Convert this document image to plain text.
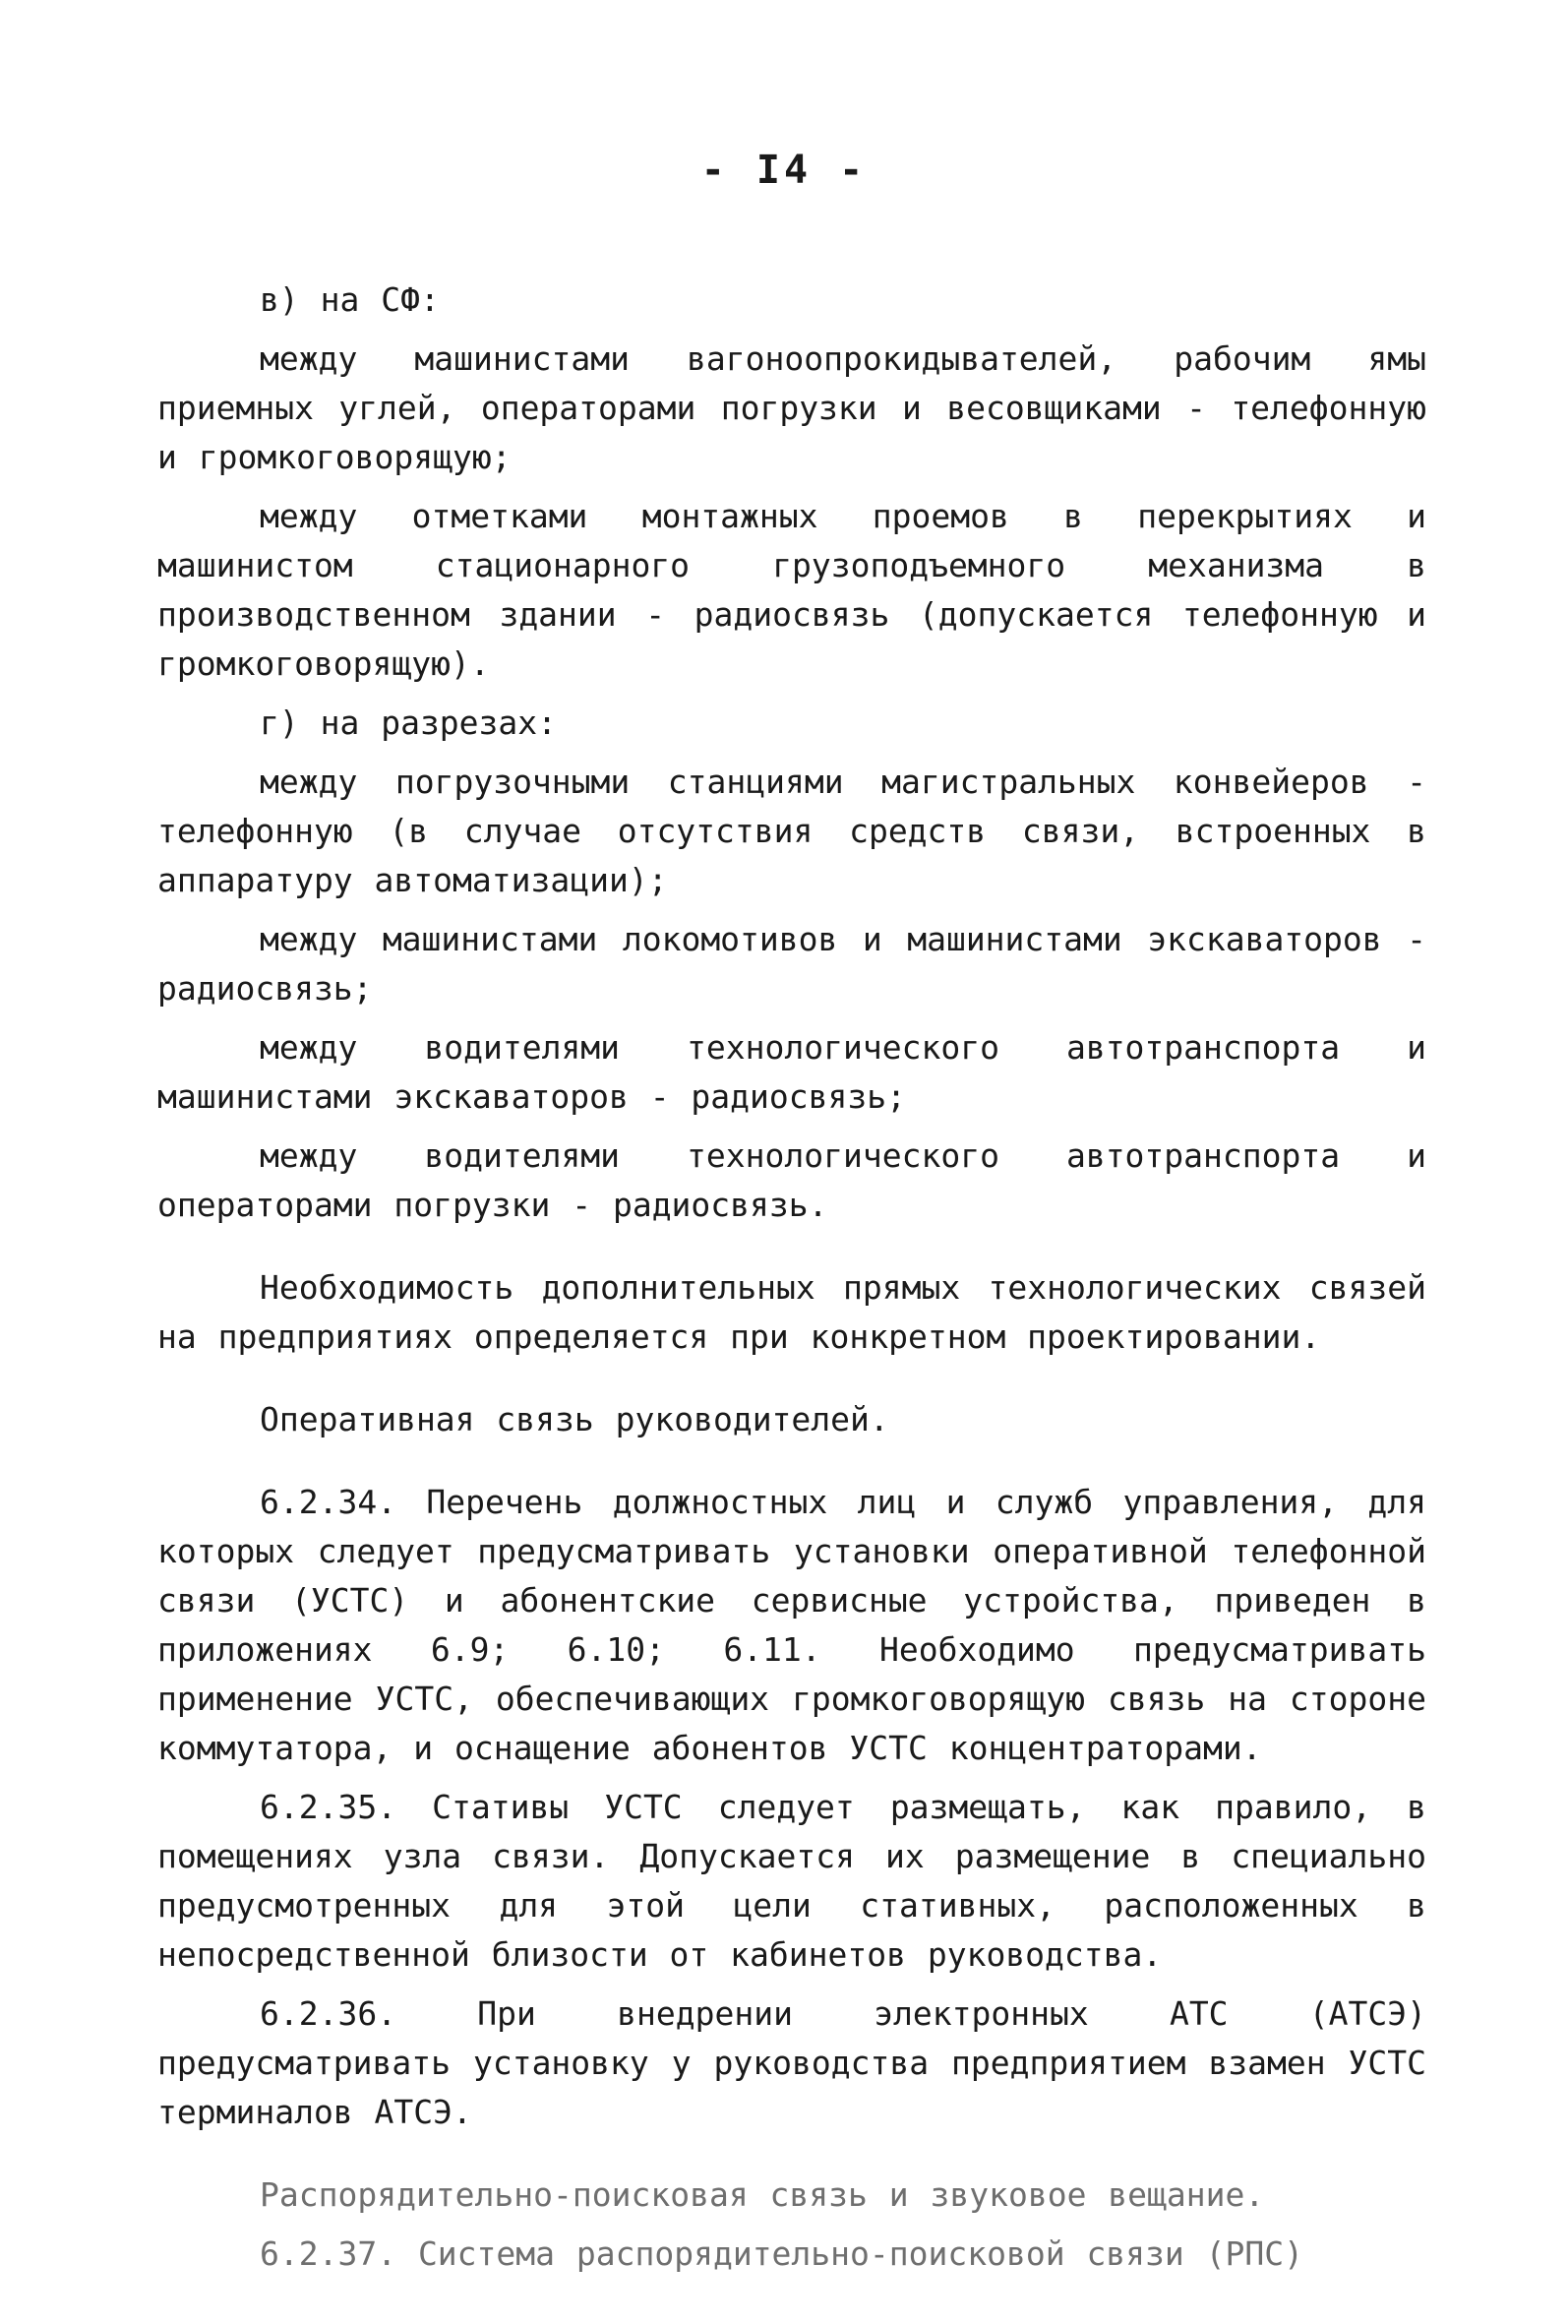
- I4 -

в) на СФ:

между машинистами вагоноопрокидывателей, рабочим ямы приемных углей, операторами погрузки и весовщиками - телефонную и громкоговорящую;

между отметками монтажных проемов в перекрытиях и машинистом стационарного грузоподъемного механизма в производственном здании - радиосвязь (допускается телефонную и громкоговорящую).

г) на разрезах:

между погрузочными станциями магистральных конвейеров - телефонную (в случае отсутствия средств связи, встроенных в аппаратуру автоматизации);

между машинистами локомотивов и машинистами экскаваторов - радиосвязь;

между водителями технологического автотранспорта и машинистами экскаваторов - радиосвязь;

между водителями технологического автотранспорта и операторами погрузки - радиосвязь.

Необходимость дополнительных прямых технологических связей на предприятиях определяется при конкретном проектировании.

Оперативная связь руководителей.

6.2.34. Перечень должностных лиц и служб управления, для которых следует предусматривать установки оперативной телефонной связи (УСТС) и абонентские сервисные устройства, приведен в приложениях 6.9; 6.10; 6.11. Необходимо предусматривать применение УСТС, обеспечивающих громкоговорящую связь на стороне коммутатора, и оснащение абонентов УСТС концентраторами.

6.2.35. Стативы УСТС следует размещать, как правило, в помещениях узла связи. Допускается их размещение в специально предусмотренных для этой цели стативных, расположенных в непосредственной близости от кабинетов руководства.

6.2.36. При внедрении электронных АТС (АТСЭ) предусматривать установку у руководства предприятием взамен УСТС терминалов АТСЭ.

Распорядительно-поисковая связь и звуковое вещание.

6.2.37. Система распорядительно-поисковой связи (РПС)
